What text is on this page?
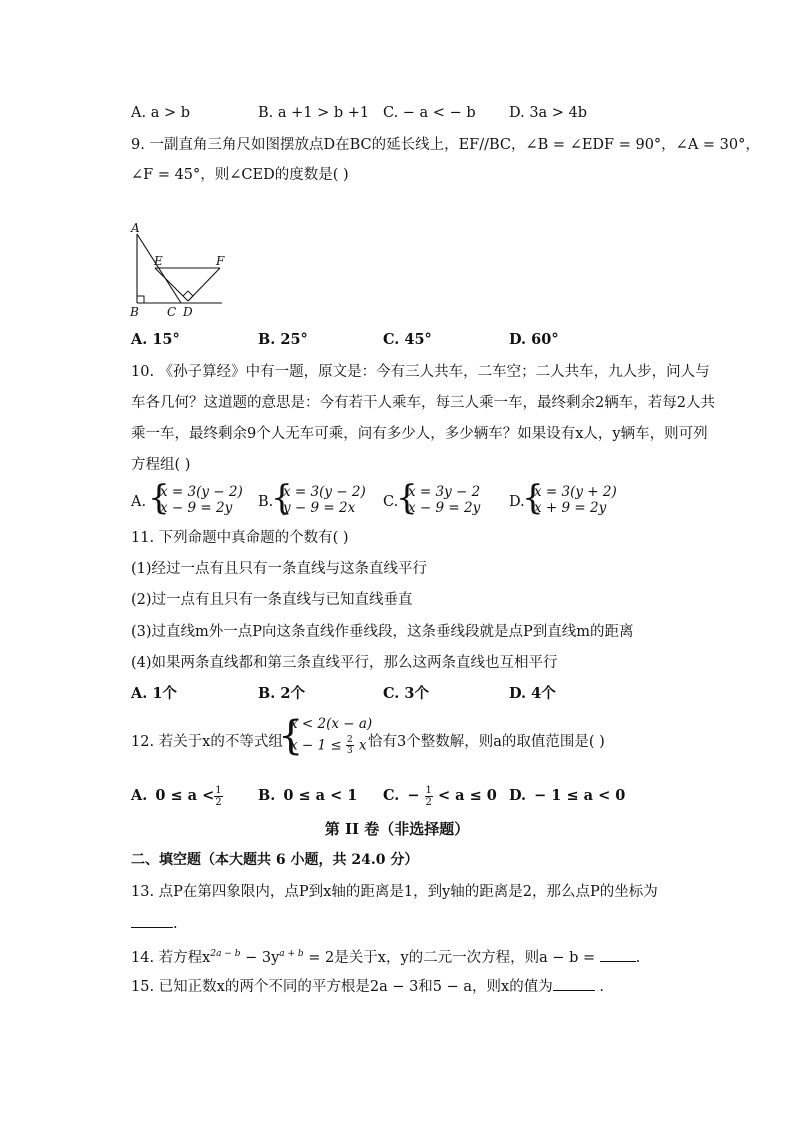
A. a > b	B. a +1 > b +1 C. − a < − b D. 3a > 4b
9. 一副直角三角尺如图摆放点D在BC的延长线上，EF//BC，∠B = ∠EDF = 90°，∠A = 30°，
∠F = 45°，则∠CED的度数是( )
A
E	F
B C D
A. 15°	B. 25°	C. 45°	D. 60°
10. 《孙子算经》中有一题，原文是：今有三人共车，二车空；二人共车，九人步，问人与
车各几何？这道题的意思是：今有若干人乘车，每三人乘一车，最终剩余2辆车，若每2人共
乘一车，最终剩余9个人无车可乘，问有多少人，多少辆车？如果设有x人，y辆车，则可列
方程组( )
A. {
x = 3(y − 2)
x − 9 = 2y B.
{
x = 3(y − 2)
y − 9 = 2x C.
{
x = 3y − 2
x − 9 = 2y D.
{
x = 3(y + 2)
x + 9 = 2y
11. 下列命题中真命题的个数有( )
(1)经过一点有且只有一条直线与这条直线平行
(2)过一点有且只有一条直线与已知直线垂直
(3)过直线m外一点P向这条直线作垂线段，这条垂线段就是点P到直线m的距离
(4)如果两条直线都和第三条直线平行，那么这两条直线也互相平行
A. 1个	B. 2个	C. 3个	D. 4个
12. 若关于x的不等式组
{
x < 2(x − a)
$x - 1 \le \frac{2}{3}$ x 恰有3个整数解，则a的取值范围是( )
A. $0 \le a < \frac{1}{2} B$. 0 ≤ a < 1 C. − $\frac{1}{2} < a \le 0$ D. − 1 ≤ a < 0
第 II 卷（非选择题）
二、填空题（本大题共 6 小题，共 24.0 分）
13. 点P在第四象限内，点P到x轴的距离是1，到y轴的距离是2，那么点P的坐标为
.
14. 若方程$x^{2a - b} - 3y^{a + b} = 2$是关于x，y的二元一次方程，则a − b = .
15. 已知正数x的两个不同的平方根是2a − 3和5 − a，则x的值为	.
